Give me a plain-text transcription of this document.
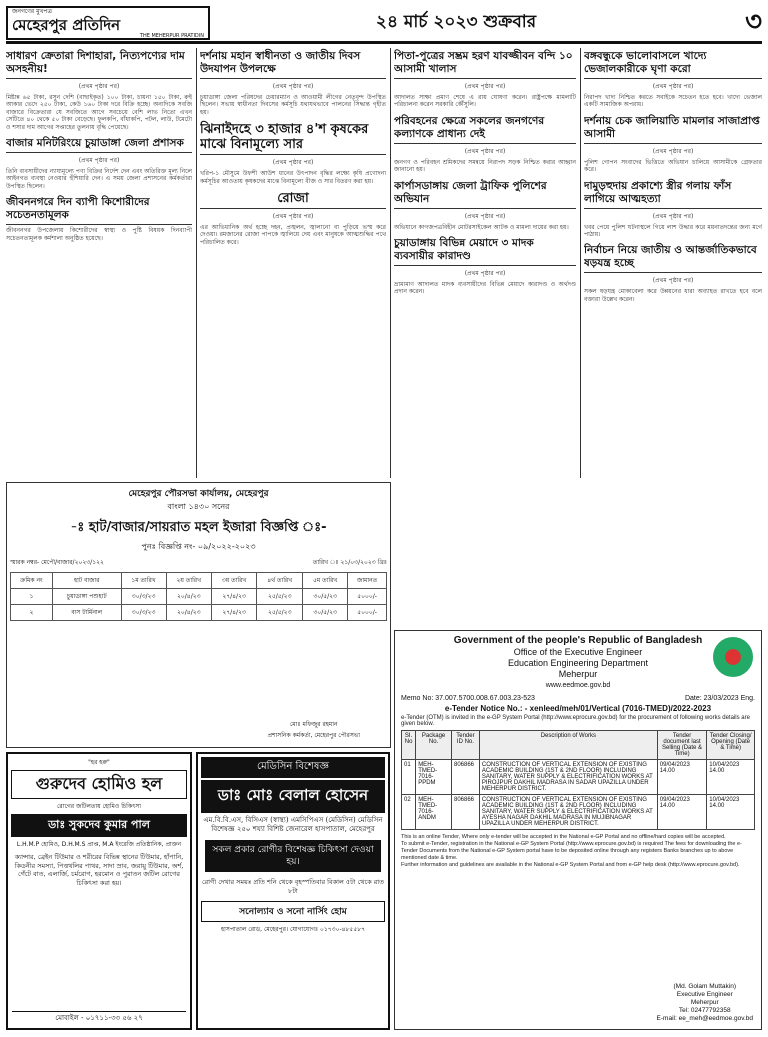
জনগণের মুখপত্র
মেহেরপুর প্রতিদিন
THE MEHERPUR PRATIDIN
২৪ মার্চ ২০২৩ শুক্রবার	৩
সাধারণ ক্রেতারা দিশাহারা, নিত্যপণ্যের দাম অসহনীয়!
(প্রথম পৃষ্ঠার পর)
মিষ্টান্ন ৬৫ টাকা, রসুন দেশি (বাছাইকৃত) ১০০ টাকা, চায়না ১৫০ টাকা, রুই আকার ভেদে ২৫০ টাকা, কেউ ১৬০ টাকা দরে বিক্রি হচ্ছে। অন্যদিকে সবজি বাজারে বিক্রেতারা যে সবজিতে আগে সবচেয়ে বেশি লাভ নিতো এখন সেটিতে ৪০ থেকে ৫০ টাকা বেড়েছে। ফুলকপি, বাঁধাকপি, পটল, লাউ, টমেটো ও শসার দাম আগের সপ্তাহের তুলনায় বৃদ্ধি পেয়েছে।
বাজার মনিটরিংয়ে চুয়াডাঙ্গা জেলা প্রশাসক
(প্রথম পৃষ্ঠার পর)
তিনি ব্যবসায়ীদের ন্যায্যমূল্যে পণ্য বিক্রির নির্দেশ দেন এবং অতিরিক্ত মূল্য নিলে আইনগত ব্যবস্থা নেওয়ার হুঁশিয়ারি দেন। এ সময় জেলা প্রশাসনের কর্মকর্তারা উপস্থিত ছিলেন।
জীবননগরে দিন ব্যাপী কিশোরীদের সচেতনতামূলক
জীবননগর উপজেলায় কিশোরীদের স্বাস্থ্য ও পুষ্টি বিষয়ক দিনব্যাপী সচেতনতামূলক কর্মশালা অনুষ্ঠিত হয়েছে।
দর্শনায় মহান স্বাধীনতা ও জাতীয় দিবস উদযাপন উপলক্ষে
(প্রথম পৃষ্ঠার পর)
চুয়াডাঙ্গা জেলা পরিষদের চেয়ারম্যান ও আওয়ামী লীগের নেতৃবৃন্দ উপস্থিত ছিলেন। সভায় স্বাধীনতা দিবসের কর্মসূচি যথাযথভাবে পালনের সিদ্ধান্ত গৃহীত হয়।
ঝিনাইদহে ৩ হাজার ৪'শ কৃষকের মাঝে বিনামূল্যে সার
(প্রথম পৃষ্ঠার পর)
খরিপ-১ মৌসুমে উফশী আউশ ধানের উৎপাদন বৃদ্ধির লক্ষ্যে কৃষি প্রণোদনা কর্মসূচির আওতায় কৃষকদের মাঝে বিনামূল্যে বীজ ও সার বিতরণ করা হয়।
রোজা
(প্রথম পৃষ্ঠার পর)
এর আভিধানিক অর্থ হচ্ছে দহন, প্রজ্বলন, জ্বালানো বা পুড়িয়ে ভস্ম করে দেওয়া। রমজানের রোজা পাপকে জ্বালিয়ে দেয় এবং মানুষকে আত্মশুদ্ধির পথে পরিচালিত করে।
পিতা-পুত্রের সম্ভ্রম হরণ যাবজ্জীবন বন্দি ১০ আসামী খালাস
(প্রথম পৃষ্ঠার পর)
আদালত সাক্ষ্য প্রমাণ শেষে এ রায় ঘোষণা করেন। রাষ্ট্রপক্ষে মামলাটি পরিচালনা করেন সরকারি কৌঁসুলি।
পরিবহনের ক্ষেত্রে সকলের জনগণের কল্যাণকে প্রাধান্য দেই
(প্রথম পৃষ্ঠার পর)
জনগণ ও পরিবহন শ্রমিকদের সমন্বয়ে নিরাপদ সড়ক নিশ্চিত করার আহ্বান জানানো হয়।
কার্পাসডাঙ্গায় জেলা ট্রাফিক পুলিশের অভিযান
(প্রথম পৃষ্ঠার পর)
অভিযানে কাগজপত্রবিহীন মোটরসাইকেল আটক ও মামলা দায়ের করা হয়।
চুয়াডাঙ্গায় বিভিন্ন মেয়াদে ৩ মাদক ব্যবসায়ীর কারাদণ্ড
(প্রথম পৃষ্ঠার পর)
ভ্রাম্যমাণ আদালত মাদক ব্যবসায়ীদের বিভিন্ন মেয়াদে কারাদণ্ড ও অর্থদণ্ড প্রদান করেন।
বঙ্গবন্ধুকে ভালোবাসলে খাদ্যে ভেজালকারীকে ঘৃণা করো
(প্রথম পৃষ্ঠার পর)
নিরাপদ খাদ্য নিশ্চিত করতে সবাইকে সচেতন হতে হবে। খাদ্যে ভেজাল একটি সামাজিক অপরাধ।
দর্শনায় চেক জালিয়াতি মামলার সাজাপ্রাপ্ত আসামী
(প্রথম পৃষ্ঠার পর)
পুলিশ গোপন সংবাদের ভিত্তিতে অভিযান চালিয়ে আসামীকে গ্রেফতার করে।
দামুড়হুদায় প্রকাশ্যে স্ত্রীর গলায় ফাঁস লাগিয়ে আত্মহত্যা
(প্রথম পৃষ্ঠার পর)
খবর পেয়ে পুলিশ ঘটনাস্থলে গিয়ে লাশ উদ্ধার করে ময়নাতদন্তের জন্য মর্গে পাঠায়।
নির্বাচন নিয়ে জাতীয় ও আন্তর্জাতিকভাবে ষড়যন্ত্র হচ্ছে
(প্রথম পৃষ্ঠার পর)
সকল ষড়যন্ত্র মোকাবেলা করে উন্নয়নের ধারা অব্যাহত রাখতে হবে বলে বক্তারা উল্লেখ করেন।
মেহেরপুর পৌরসভা কার্যালয়, মেহেরপুর
বাংলা ১৪৩০ সনের
-ঃ হাট/বাজার/সায়রাত মহল ইজারা বিজ্ঞপ্তি ঃ-
পুনঃ বিজ্ঞপ্তি নং- ০৯/২০২২-২০২৩
স্মারক নম্বর- মেপৌ/বাজার/২০২৩/১২২	তারিখ ঃ ২১/০৩/২০২৩ খ্রিঃ
ক্রমিক নং	হাট বাজার	১ম তারিখ	২য় তারিখ	৩য় তারিখ	৪র্থ তারিখ	৫ম তারিখ	জামানত
১	চুয়াডাঙ্গা পশুহাট	৩০/৩/২৩	২০/৪/২৩	২৭/৪/২৩	২৫/৫/২৩	৩০/৫/২৩	৫০০০/-
২	বাস টার্মিনাল	৩০/৩/২৩	২০/৪/২৩	২৭/৪/২৩	২৫/৫/২৩	৩০/৫/২৩	৫০০০/-
মোঃ মফিজুর রহমান
প্রশাসনিক কর্মকর্তা, মেহেরপুর পৌরসভা
Government of the people's Republic of Bangladesh
Office of the Executive Engineer
Education Engineering Department
Meherpur
www.eedmoe.gov.bd
Memo No: 37.007.5700.008.67.003.23-523	Date: 23/03/2023 Eng.
e-Tender Notice No.: - xenleed/meh/01/Vertical (7016-TMED)/2022-2023
e-Tender (OTM) is invited in the e-GP System Portal (http://www.eprocure.gov.bd) for the procurement of following works details are given below.
SI. No	Package No.	Tender ID No.	Description of Works	Tender document last Selling (Date & Time)	Tender Closing/ Opening (Date & Time)
01	MEH-TMED-7016-PPDM	806866	CONSTRUCTION OF VERTICAL EXTENSION OF EXISTING ACADEMIC BUILDING (1ST & 2ND FLOOR) INCLUDING SANITARY, WATER SUPPLY & ELECTRIFICATION WORKS AT PIROJPUR DAKHIL MADRASA IN SADAR UPAZILLA UNDER MEHERPUR DISTRICT.	09/04/2023 14.00	10/04/2023 14.00
02	MEH-TMED-7016-ANDM	806866	CONSTRUCTION OF VERTICAL EXTENSION OF EXISTING ACADEMIC BUILDING (1ST & 2ND FLOOR) INCLUDING SANITARY, WATER SUPPLY & ELECTRIFICATION WORKS AT AYESHA NAGAR DAKHIL MADRASA IN MUJIBNAGAR UPAZILLA UNDER MEHERPUR DISTRICT.	09/04/2023 14.00	10/04/2023 14.00
This is an online Tender, Where only e-tender will be accepted in the National e-GP Portal and no offline/hard copies will be accepted.
To submit e-Tender, registration in the National e-GP System Portal (http://www.eprocure.gov.bd) is required The fees for downloading the e-Tender Documents from the National e-GP System portal have to be deposited online through any registers Banks branches up to above mentioned date & time.
Further information and guidelines are available in the National e-GP System Portal and from e-GP help desk (http://www.eprocure.gov.bd).
(Md. Golam Muttakin)
Executive Engineer
Meherpur
Tel: 02477792358
E-mail: ee_meh@eedmoe.gov.bd
"হর হরু"
গুরুদেব হোমিও হল
রোগের জটিলতায় হোমিও চিকিৎসা
ডাঃ সুকদেব কুমার পাল
L.H.M.P হোমিও, D.H.M.S প্রাপ্ত, M.A ইংরেজি প্রতিষ্ঠানিক, প্রাক্তন
ক্যান্সার, ব্রেইন টিউমার ও শরীরের বিভিন্ন স্থানের টিউমার, হাঁপানি, কিডনীর সমস্যা, পিত্তথলির পাথর, সাদা স্রাব, জরায়ু টিউমার, অর্শ, গেঁটে বাত, এলার্জি, চর্মরোগ, হরমোন ও পুরাতন জটিল রোগের চিকিৎসা করা হয়।
মোবাইল - ০১৭১১-৩৩ ৫৬ ২৭
মেডিসিন বিশেষজ্ঞ
ডাঃ মোঃ বেলাল হোসেন
এম.বি.বি.এস, বিসিএস (স্বাস্থ্য) এমসিপিএস (মেডিসিন) মেডিসিন বিশেষজ্ঞ ২৫০ শয্যা বিশিষ্ট জেনারেল হাসপাতাল, মেহেরপুর
সকল প্রকার রোগীর বিশেষজ্ঞ চিকিৎসা দেওয়া হয়।
রোগী দেখার সময়ঃ প্রতি শনি থেকে বৃহস্পতিবার বিকাল ৫টা থেকে রাত ৮টা
সনোল্যাব ও সনো নার্সিং হোম
হাসপাতাল রোড, মেহেরপুর। যোগাযোগঃ ০১৭৩০-৪৮৫৫৮৭
